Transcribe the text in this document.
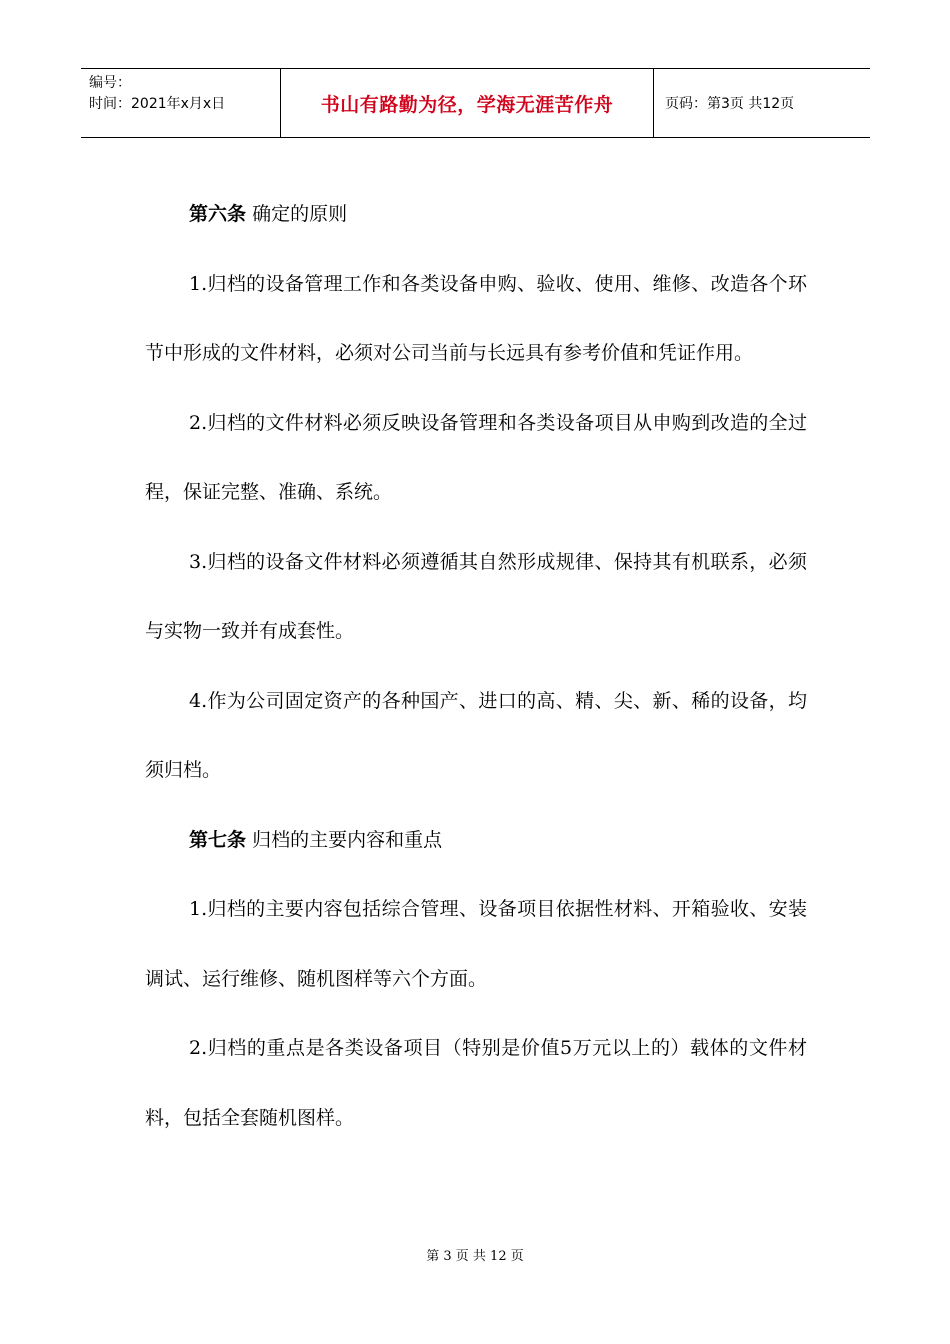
编号：
时间：2021年x月x日	书山有路勤为径，学海无涯苦作舟	页码：第3页 共12页

第六条 确定的原则

1.归档的设备管理工作和各类设备申购、验收、使用、维修、改造各个环节中形成的文件材料，必须对公司当前与长远具有参考价值和凭证作用。

2.归档的文件材料必须反映设备管理和各类设备项目从申购到改造的全过程，保证完整、准确、系统。

3.归档的设备文件材料必须遵循其自然形成规律、保持其有机联系，必须与实物一致并有成套性。

4.作为公司固定资产的各种国产、进口的高、精、尖、新、稀的设备，均须归档。

第七条 归档的主要内容和重点

1.归档的主要内容包括综合管理、设备项目依据性材料、开箱验收、安装调试、运行维修、随机图样等六个方面。

2.归档的重点是各类设备项目（特别是价值5万元以上的）载体的文件材料，包括全套随机图样。

第 3 页 共 12 页
